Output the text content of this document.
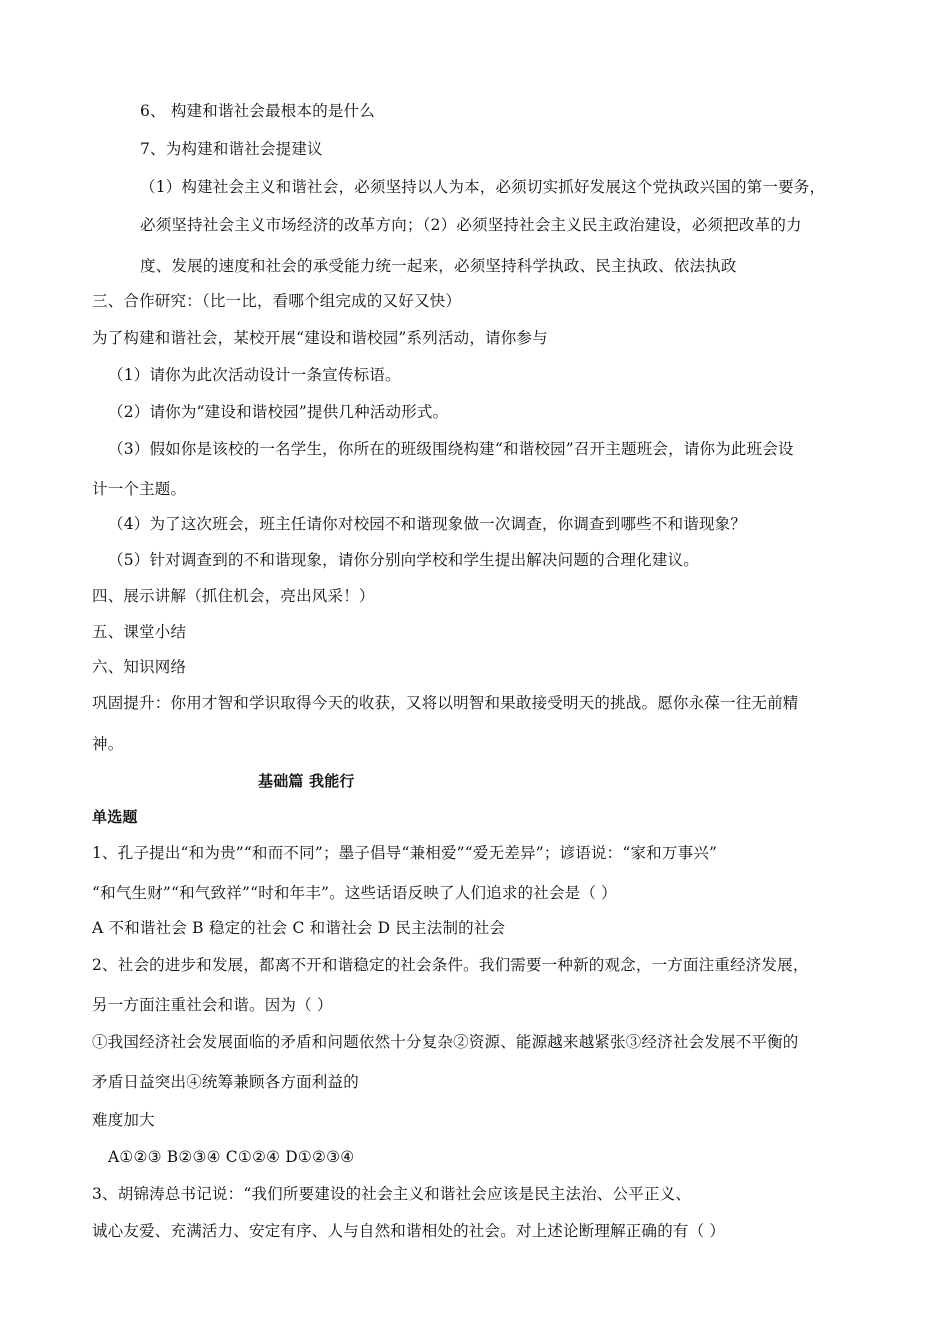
6、 构建和谐社会最根本的是什么
7、为构建和谐社会提建议
（1）构建社会主义和谐社会，必须坚持以人为本，必须切实抓好发展这个党执政兴国的第一要务，
必须坚持社会主义市场经济的改革方向；（2）必须坚持社会主义民主政治建设，必须把改革的力
度、发展的速度和社会的承受能力统一起来，必须坚持科学执政、民主执政、依法执政
三、合作研究：（比一比，看哪个组完成的又好又快）
为了构建和谐社会，某校开展“建设和谐校园”系列活动，请你参与
（1）请你为此次活动设计一条宣传标语。
（2）请你为“建设和谐校园”提供几种活动形式。
（3）假如你是该校的一名学生，你所在的班级围绕构建“和谐校园”召开主题班会，请你为此班会设
计一个主题。
（4）为了这次班会，班主任请你对校园不和谐现象做一次调查，你调查到哪些不和谐现象？
（5）针对调查到的不和谐现象，请你分别向学校和学生提出解决问题的合理化建议。
四、展示讲解（抓住机会，亮出风采！）
五、课堂小结
六、知识网络
巩固提升：你用才智和学识取得今天的收获，又将以明智和果敢接受明天的挑战。愿你永葆一往无前精
神。
基础篇 我能行
单选题
1、孔子提出“和为贵”“和而不同”；墨子倡导“兼相爱”“爱无差异”；谚语说：“家和万事兴”
“和气生财”“和气致祥”“时和年丰”。这些话语反映了人们追求的社会是（ ）
A 不和谐社会 B 稳定的社会 C 和谐社会 D 民主法制的社会
2、社会的进步和发展，都离不开和谐稳定的社会条件。我们需要一种新的观念，一方面注重经济发展，
另一方面注重社会和谐。因为（ ）
①我国经济社会发展面临的矛盾和问题依然十分复杂②资源、能源越来越紧张③经济社会发展不平衡的
矛盾日益突出④统筹兼顾各方面利益的
难度加大
A①②③ B②③④ C①②④ D①②③④
3、胡锦涛总书记说：“我们所要建设的社会主义和谐社会应该是民主法治、公平正义、
诚心友爱、充满活力、安定有序、人与自然和谐相处的社会。对上述论断理解正确的有（ ）
